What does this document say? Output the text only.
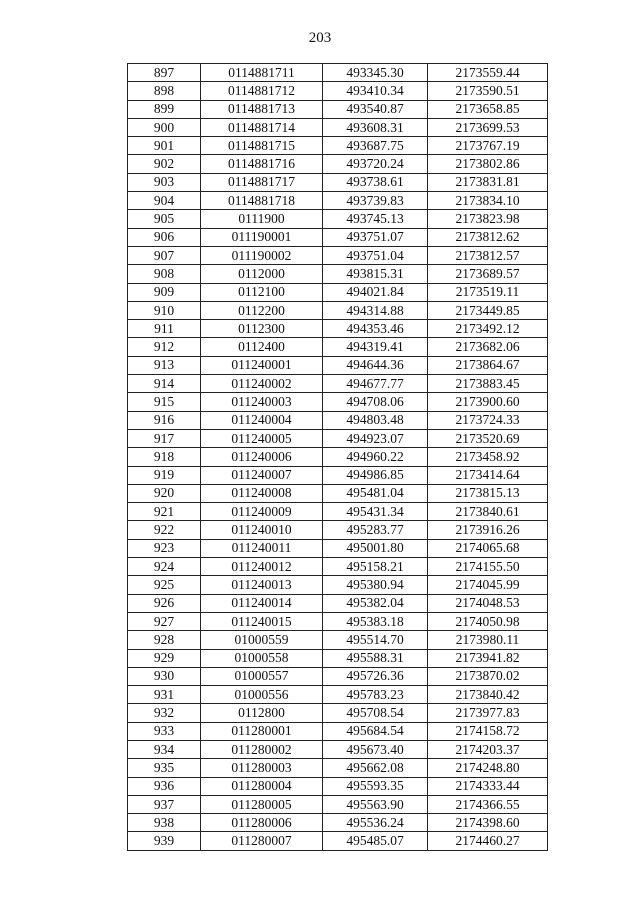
203
897	0114881711	493345.30	2173559.44
898	0114881712	493410.34	2173590.51
899	0114881713	493540.87	2173658.85
900	0114881714	493608.31	2173699.53
901	0114881715	493687.75	2173767.19
902	0114881716	493720.24	2173802.86
903	0114881717	493738.61	2173831.81
904	0114881718	493739.83	2173834.10
905	0111900	493745.13	2173823.98
906	011190001	493751.07	2173812.62
907	011190002	493751.04	2173812.57
908	0112000	493815.31	2173689.57
909	0112100	494021.84	2173519.11
910	0112200	494314.88	2173449.85
911	0112300	494353.46	2173492.12
912	0112400	494319.41	2173682.06
913	011240001	494644.36	2173864.67
914	011240002	494677.77	2173883.45
915	011240003	494708.06	2173900.60
916	011240004	494803.48	2173724.33
917	011240005	494923.07	2173520.69
918	011240006	494960.22	2173458.92
919	011240007	494986.85	2173414.64
920	011240008	495481.04	2173815.13
921	011240009	495431.34	2173840.61
922	011240010	495283.77	2173916.26
923	011240011	495001.80	2174065.68
924	011240012	495158.21	2174155.50
925	011240013	495380.94	2174045.99
926	011240014	495382.04	2174048.53
927	011240015	495383.18	2174050.98
928	01000559	495514.70	2173980.11
929	01000558	495588.31	2173941.82
930	01000557	495726.36	2173870.02
931	01000556	495783.23	2173840.42
932	0112800	495708.54	2173977.83
933	011280001	495684.54	2174158.72
934	011280002	495673.40	2174203.37
935	011280003	495662.08	2174248.80
936	011280004	495593.35	2174333.44
937	011280005	495563.90	2174366.55
938	011280006	495536.24	2174398.60
939	011280007	495485.07	2174460.27
